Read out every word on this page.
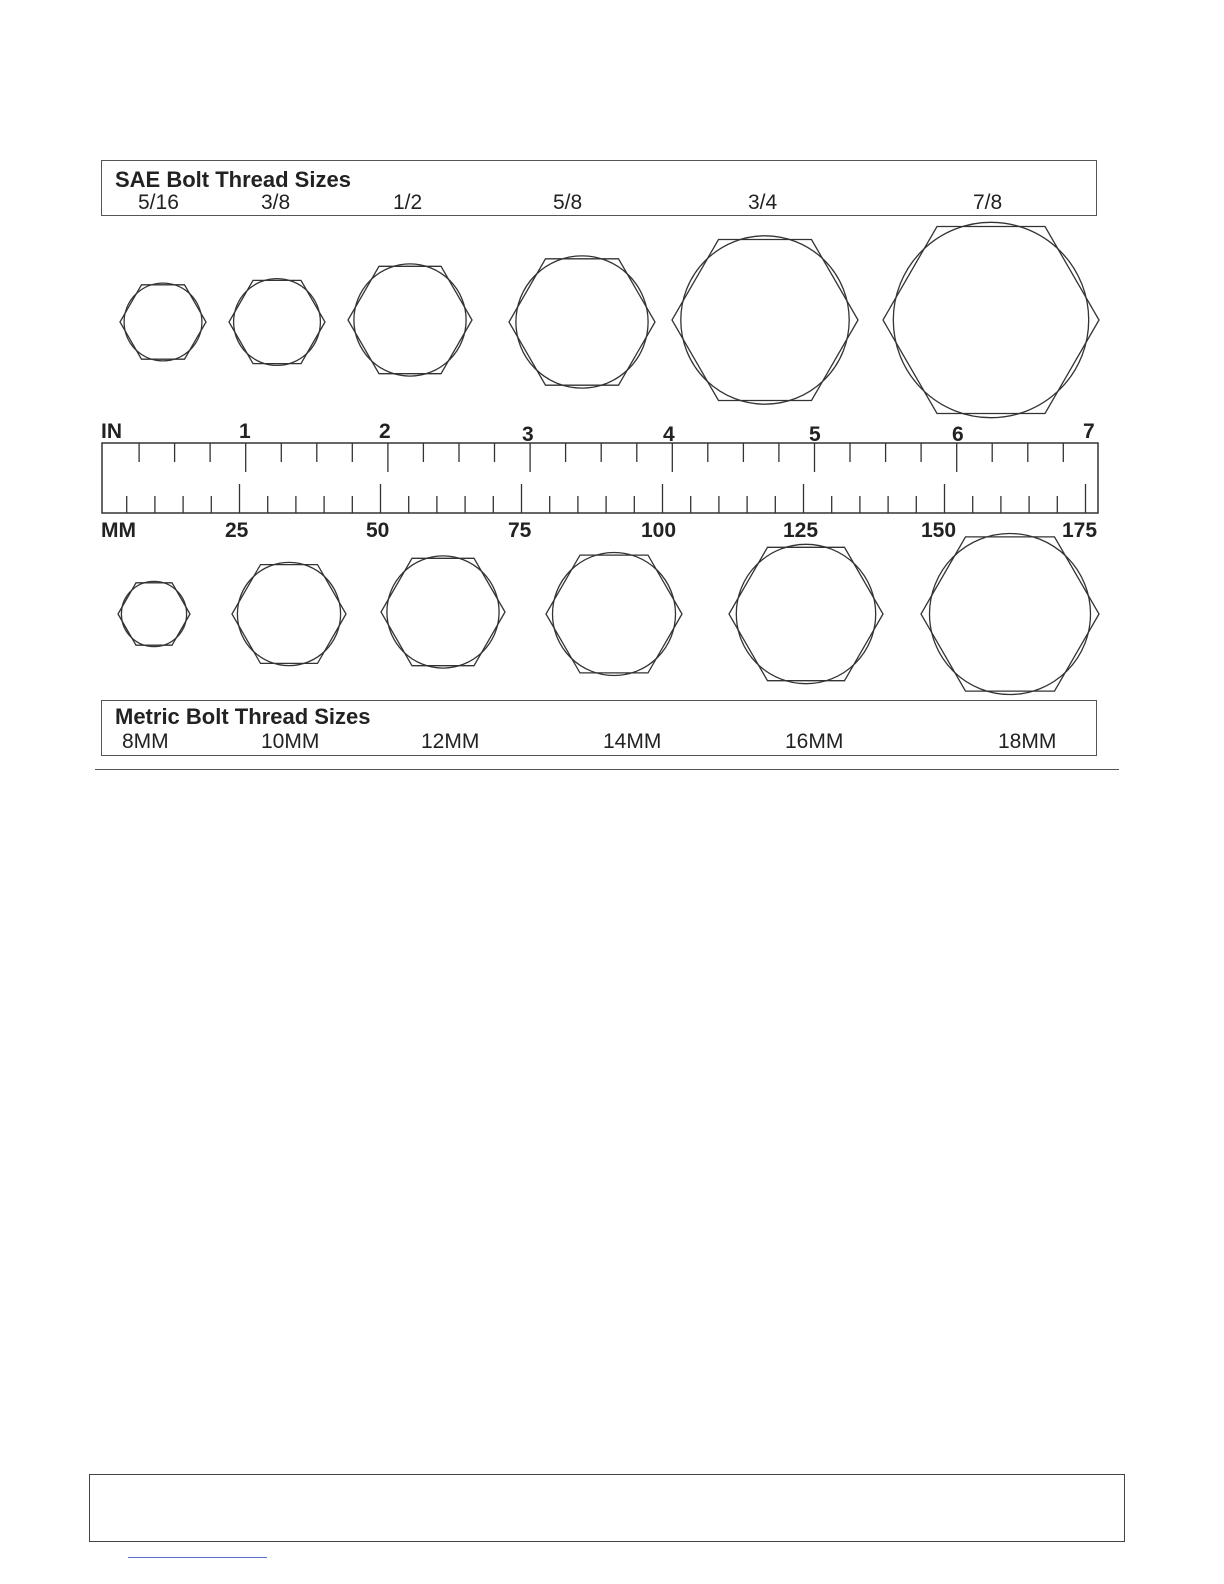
SAE Bolt Thread Sizes
5/16	3/8	1/2	5/8	3/4	7/8
IN	1	2	3	4	5	6	7
MM	25	50	75	100	125	150	175
Metric Bolt Thread Sizes
8MM	10MM	12MM	14MM	16MM	18MM
